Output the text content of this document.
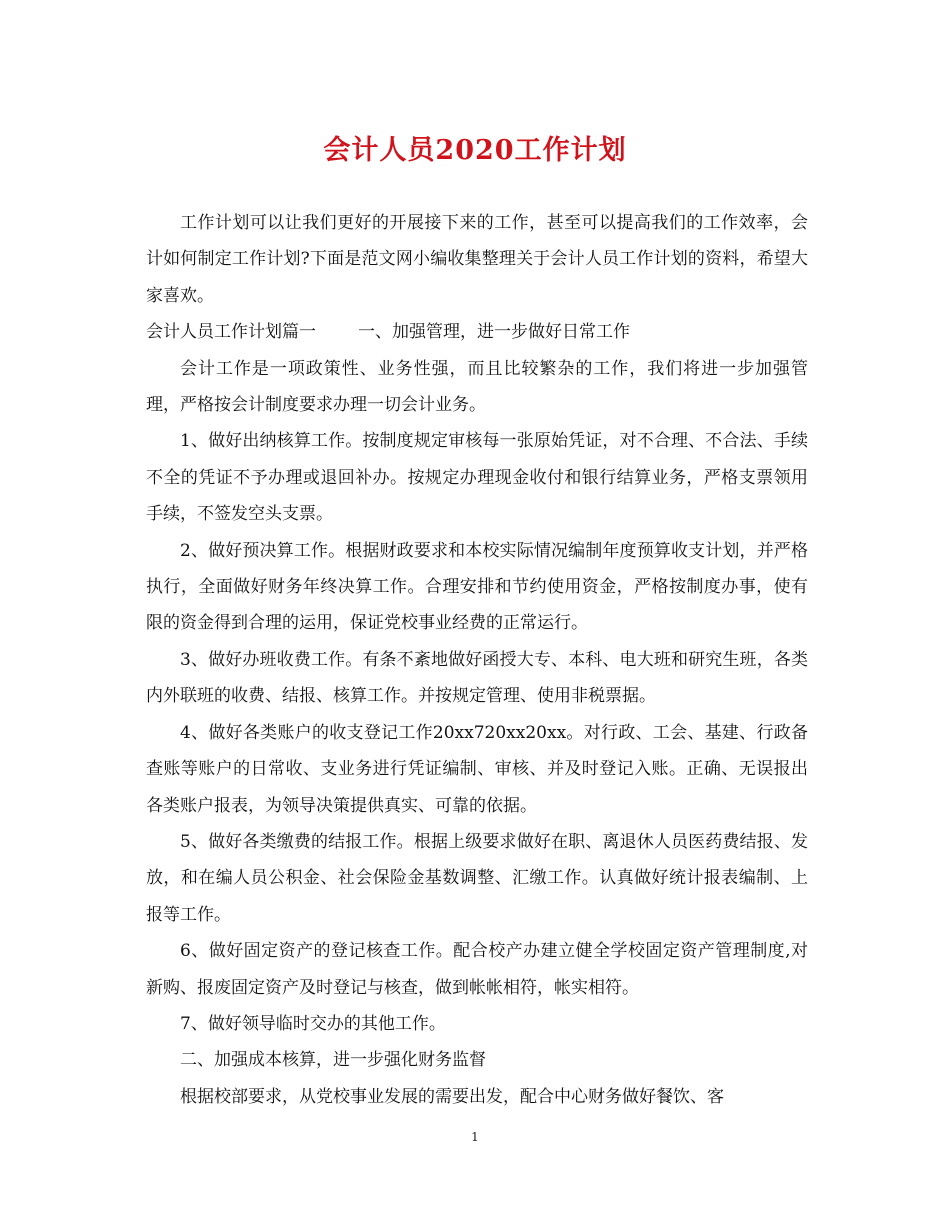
会计人员2020工作计划

工作计划可以让我们更好的开展接下来的工作，甚至可以提高我们的工作效率，会计如何制定工作计划?下面是范文网小编收集整理关于会计人员工作计划的资料，希望大家喜欢。

会计人员工作计划篇一 一、加强管理，进一步做好日常工作

会计工作是一项政策性、业务性强，而且比较繁杂的工作，我们将进一步加强管理，严格按会计制度要求办理一切会计业务。

1、做好出纳核算工作。按制度规定审核每一张原始凭证，对不合理、不合法、手续不全的凭证不予办理或退回补办。按规定办理现金收付和银行结算业务，严格支票领用手续，不签发空头支票。

2、做好预决算工作。根据财政要求和本校实际情况编制年度预算收支计划，并严格执行，全面做好财务年终决算工作。合理安排和节约使用资金，严格按制度办事，使有限的资金得到合理的运用，保证党校事业经费的正常运行。

3、做好办班收费工作。有条不紊地做好函授大专、本科、电大班和研究生班，各类内外联班的收费、结报、核算工作。并按规定管理、使用非税票据。

4、做好各类账户的收支登记工作20xx720xx20xx。对行政、工会、基建、行政备查账等账户的日常收、支业务进行凭证编制、审核、并及时登记入账。正确、无误报出各类账户报表，为领导决策提供真实、可靠的依据。

5、做好各类缴费的结报工作。根据上级要求做好在职、离退休人员医药费结报、发放，和在编人员公积金、社会保险金基数调整、汇缴工作。认真做好统计报表编制、上报等工作。

6、做好固定资产的登记核查工作。配合校产办建立健全学校固定资产管理制度,对新购、报废固定资产及时登记与核查，做到帐帐相符，帐实相符。

7、做好领导临时交办的其他工作。

二、加强成本核算，进一步强化财务监督

根据校部要求，从党校事业发展的需要出发，配合中心财务做好餐饮、客

1
